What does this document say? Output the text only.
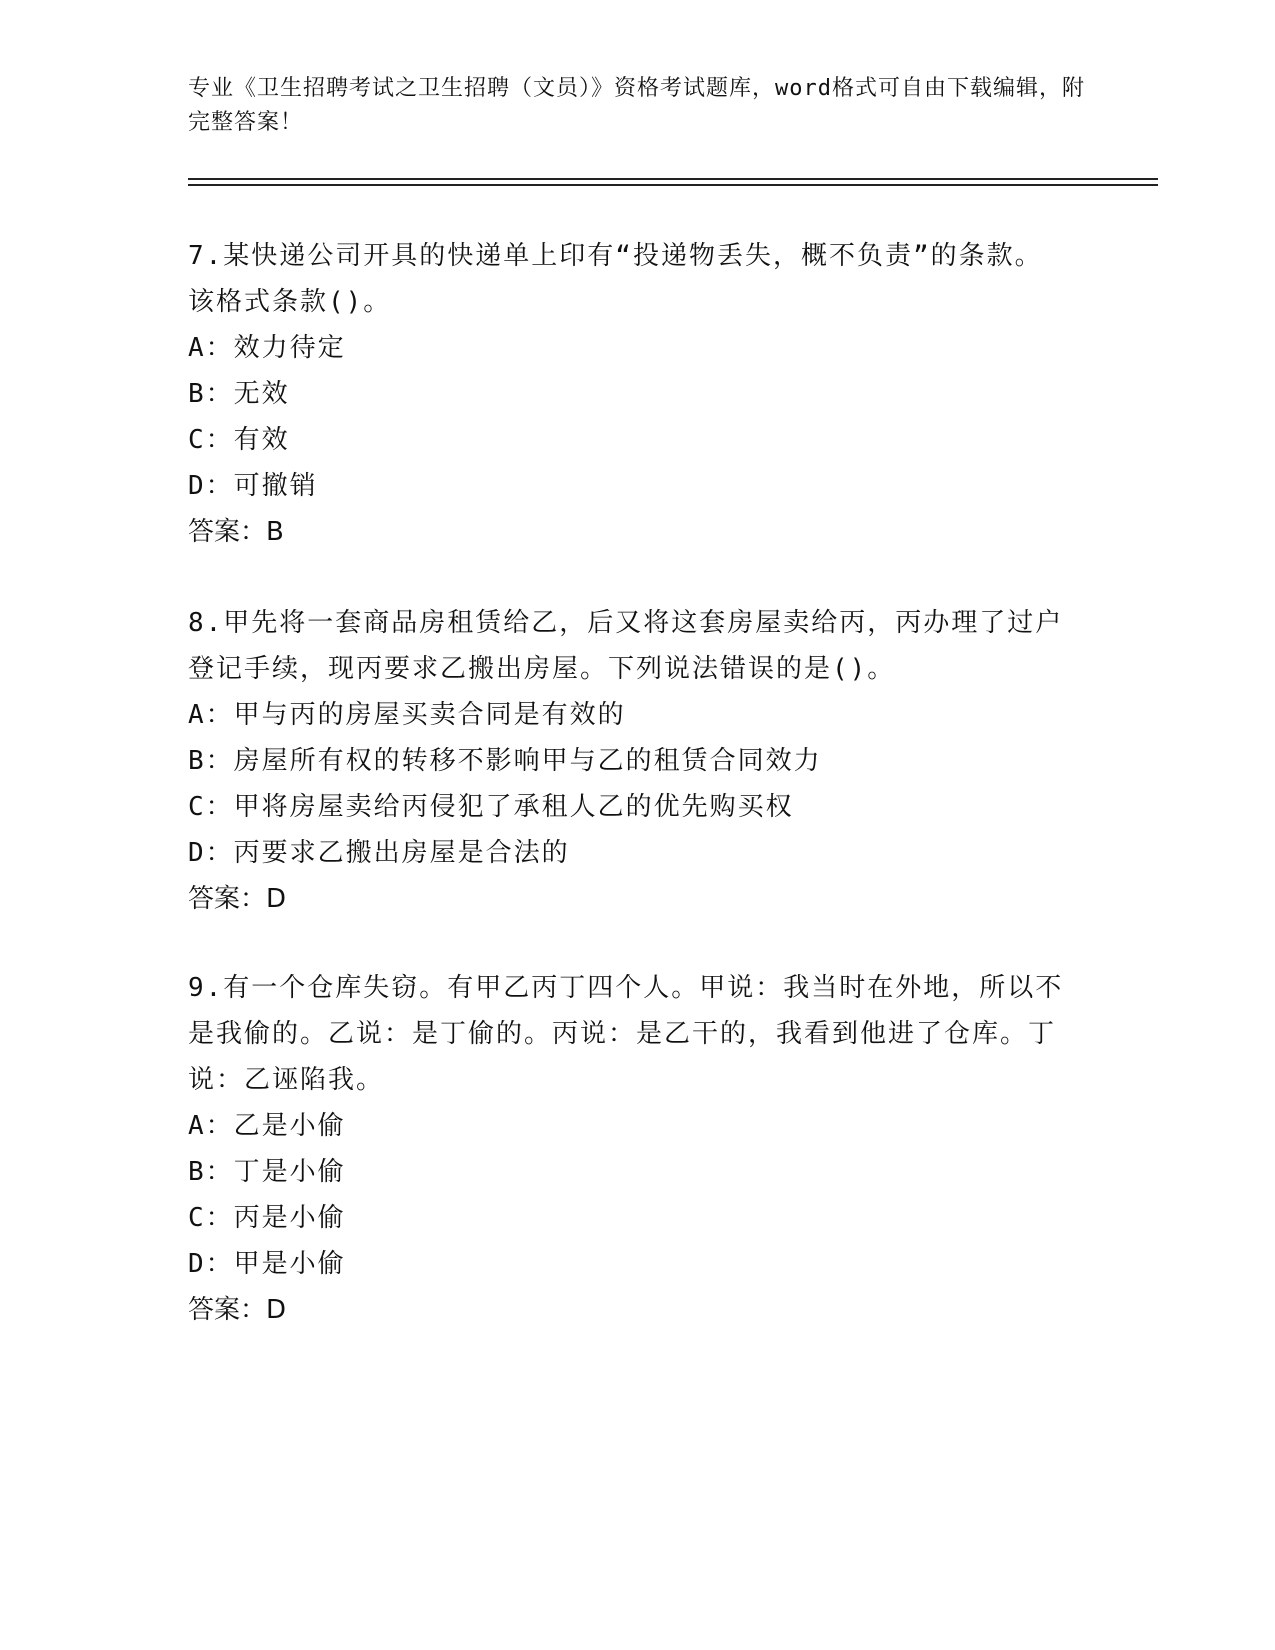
专业《卫生招聘考试之卫生招聘（文员）》资格考试题库，word格式可自由下载编辑，附完整答案！
7.某快递公司开具的快递单上印有“投递物丢失，概不负责”的条款。该格式条款()。
A：效力待定
B：无效
C：有效
D：可撤销
答案：B
8.甲先将一套商品房租赁给乙，后又将这套房屋卖给丙，丙办理了过户登记手续，现丙要求乙搬出房屋。下列说法错误的是()。
A：甲与丙的房屋买卖合同是有效的
B：房屋所有权的转移不影响甲与乙的租赁合同效力
C：甲将房屋卖给丙侵犯了承租人乙的优先购买权
D：丙要求乙搬出房屋是合法的
答案：D
9.有一个仓库失窃。有甲乙丙丁四个人。甲说：我当时在外地，所以不是我偷的。乙说：是丁偷的。丙说：是乙干的，我看到他进了仓库。丁说：乙诬陷我。
A：乙是小偷
B：丁是小偷
C：丙是小偷
D：甲是小偷
答案：D
